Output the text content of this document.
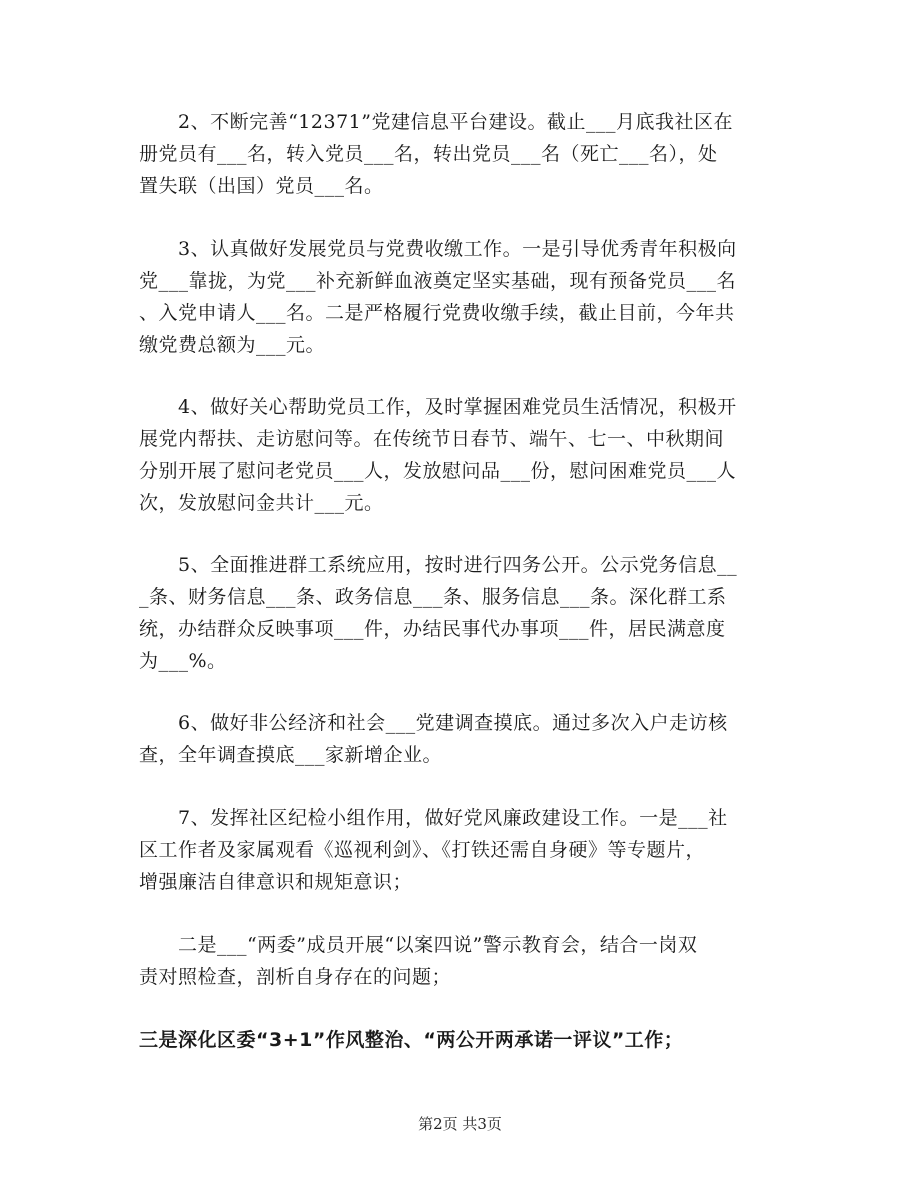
　　2、不断完善“12371”党建信息平台建设。截止___月底我社区在
册党员有___名，转入党员___名，转出党员___名（死亡___名），处
置失联（出国）党员___名。

　　3、认真做好发展党员与党费收缴工作。一是引导优秀青年积极向
党___靠拢，为党___补充新鲜血液奠定坚实基础，现有预备党员___名
、入党申请人___名。二是严格履行党费收缴手续，截止目前，今年共
缴党费总额为___元。

　　4、做好关心帮助党员工作，及时掌握困难党员生活情况，积极开
展党内帮扶、走访慰问等。在传统节日春节、端午、七一、中秋期间
分别开展了慰问老党员___人，发放慰问品___份，慰问困难党员___人
次，发放慰问金共计___元。

　　5、全面推进群工系统应用，按时进行四务公开。公示党务信息__
_条、财务信息___条、政务信息___条、服务信息___条。深化群工系
统，办结群众反映事项___件，办结民事代办事项___件，居民满意度
为___%。

　　6、做好非公经济和社会___党建调查摸底。通过多次入户走访核
查，全年调查摸底___家新增企业。

　　7、发挥社区纪检小组作用，做好党风廉政建设工作。一是___社
区工作者及家属观看《巡视利剑》、《打铁还需自身硬》等专题片，
增强廉洁自律意识和规矩意识；

　　二是___“两委”成员开展“以案四说”警示教育会，结合一岗双
责对照检查，剖析自身存在的问题；

三是深化区委“3+1”作风整治、“两公开两承诺一评议”工作；

第2页 共3页
